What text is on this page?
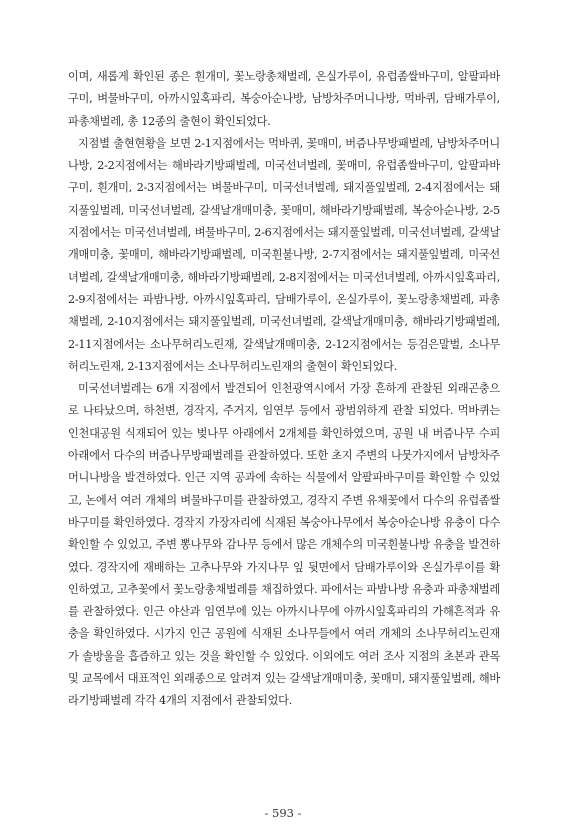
이며, 새롭게 확인된 종은 흰개미, 꽃노랑총채벌레, 온실가루이, 유럽좀쌀바구미, 알팔파바구미, 벼물바구미, 아까시잎혹파리, 복숭아순나방, 남방차주머니나방, 먹바퀴, 담배가루이, 파총채벌레, 총 12종의 출현이 확인되었다.

지점별 출현현황을 보면 2-1지점에서는 먹바퀴, 꽃매미, 버즘나무방패벌레, 남방차주머니나방, 2-2지점에서는 해바라기방패벌레, 미국선녀벌레, 꽃매미, 유럽좀쌀바구미, 알팔파바구미, 흰개미, 2-3지점에서는 벼물바구미, 미국선녀벌레, 돼지풀잎벌레, 2-4지점에서는 돼지풀잎벌레, 미국선녀벌레, 갈색날개매미충, 꽃매미, 해바라기방패벌레, 복숭아순나방, 2-5지점에서는 미국선녀벌레, 벼물바구미, 2-6지점에서는 돼지풀잎벌레, 미국선녀벌레, 갈색날개매미충, 꽃매미, 해바라기방패벌레, 미국흰불나방, 2-7지점에서는 돼지풀잎벌레, 미국선녀벌레, 갈색날개매미충, 해바라기방패벌레, 2-8지점에서는 미국선녀벌레, 아까시잎혹파리, 2-9지점에서는 파밤나방, 아까시잎혹파리, 담배가루이, 온실가루이, 꽃노랑총채벌레, 파총채벌레, 2-10지점에서는 돼지풀잎벌레, 미국선녀벌레, 갈색날개매미충, 해바라기방패벌레, 2-11지점에서는 소나무허리노린재, 갈색날개매미충, 2-12지점에서는 등검은말벌, 소나무허리노린재, 2-13지점에서는 소나무허리노린재의 출현이 확인되었다.

미국선녀벌레는 6개 지점에서 발견되어 인천광역시에서 가장 흔하게 관찰된 외래곤충으로 나타났으며, 하천변, 경작지, 주거지, 임연부 등에서 광범위하게 관찰 되었다. 먹바퀴는 인천대공원 식재되어 있는 벚나무 아래에서 2개체를 확인하였으며, 공원 내 버즘나무 수피아래에서 다수의 버즘나무방패벌레를 관찰하였다. 또한 초지 주변의 나뭇가지에서 남방차주머니나방을 발견하였다. 인근 지역 공과에 속하는 식물에서 알팔파바구미를 확인할 수 있었고, 논에서 여러 개체의 벼물바구미를 관찰하였고, 경작지 주변 유채꽃에서 다수의 유럽좀쌀바구미를 확인하였다. 경작지 가장자리에 식재된 복숭아나무에서 복숭아순나방 유충이 다수 확인할 수 있었고, 주변 뽕나무와 감나무 등에서 많은 개체수의 미국흰불나방 유충을 발견하였다. 경작지에 재배하는 고추나무와 가지나무 잎 뒷면에서 담배가루이와 온실가루이를 확인하였고, 고추꽃에서 꽃노랑총채벌레를 채집하였다. 파에서는 파밤나방 유충과 파총채벌레를 관찰하였다. 인근 야산과 임연부에 있는 아까시나무에 아까시잎혹파리의 가해흔적과 유충을 확인하였다. 시가지 인근 공원에 식재된 소나무들에서 여러 개체의 소나무허리노린재가 솔방울을 흡즙하고 있는 것을 확인할 수 있었다. 이외에도 여러 조사 지점의 초본과 관목 및 교목에서 대표적인 외래종으로 알려져 있는 갈색날개매미충, 꽃매미, 돼지풀잎벌레, 해바라기방패벌레 각각 4개의 지점에서 관찰되었다.

- 593 -
